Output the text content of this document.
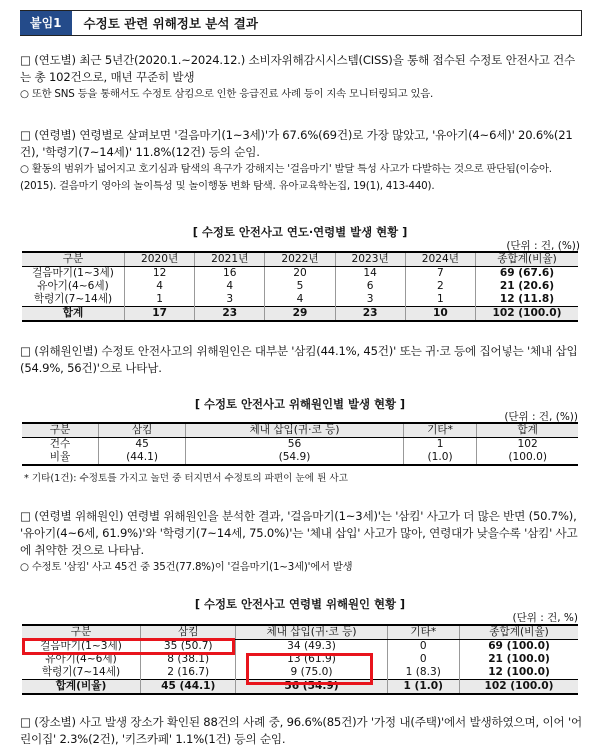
붙임1	수정토 관련 위해정보 분석 결과
□ (연도별) 최근 5년간(2020.1.~2024.12.) 소비자위해감시시스템(CISS)을 통해 접수된 수정토 안전사고 건수는 총 102건으로, 매년 꾸준히 발생
○ 또한 SNS 등을 통해서도 수정토 삼킴으로 인한 응급진료 사례 등이 지속 모니터링되고 있음.
□ (연령별) 연령별로 살펴보면 '걸음마기(1~3세)'가 67.6%(69건)로 가장 많았고, '유아기(4~6세)' 20.6%(21건), '학령기(7~14세)' 11.8%(12건) 등의 순임.
○ 활동의 범위가 넓어지고 호기심과 탐색의 욕구가 강해지는 '걸음마기' 발달 특성 사고가 다발하는 것으로 판단됨(이승아. (2015). 걸음마기 영아의 놀이특성 및 놀이행동 변화 탐색. 유아교육학논집, 19(1), 413-440).
[ 수정토 안전사고 연도·연령별 발생 현황 ]
(단위 : 건, (%))
구분	2020년	2021년	2022년	2023년	2024년	종합계(비율)
걸음마기(1~3세)	12	16	20	14	7	69 (67.6)
유아기(4~6세)	4	4	5	6	2	21 (20.6)
학령기(7~14세)	1	3	4	3	1	12 (11.8)
합계	17	23	29	23	10	102 (100.0)
□ (위해원인별) 수정토 안전사고의 위해원인은 대부분 '삼킴(44.1%, 45건)' 또는 귀·코 등에 집어넣는 '체내 삽입(54.9%, 56건)'으로 나타남.
[ 수정토 안전사고 위해원인별 발생 현황 ]
(단위 : 건, (%))
구분	삼킴	체내 삽입(귀·코 등)	기타*	합계
건수	45	56	1	102
비율	(44.1)	(54.9)	(1.0)	(100.0)
* 기타(1건): 수정토를 가지고 놀던 중 터지면서 수정토의 파편이 눈에 튄 사고
□ (연령별 위해원인) 연령별 위해원인을 분석한 결과, '걸음마기(1~3세)'는 '삼킴' 사고가 더 많은 반면 (50.7%), '유아기(4~6세, 61.9%)'와 '학령기(7~14세, 75.0%)'는 '체내 삽입' 사고가 많아, 연령대가 낮을수록 '삼킴' 사고에 취약한 것으로 나타남.
○ 수정토 '삼킴' 사고 45건 중 35건(77.8%)이 '걸음마기(1~3세)'에서 발생
[ 수정토 안전사고 연령별 위해원인 현황 ]
(단위 : 건, %)
구분	삼킴	체내 삽입(귀·코 등)	기타*	종합계(비율)
걸음마기(1~3세)	35 (50.7)	34 (49.3)	0	69 (100.0)
유아기(4~6세)	8 (38.1)	13 (61.9)	0	21 (100.0)
학령기(7~14세)	2 (16.7)	9 (75.0)	1 (8.3)	12 (100.0)
합계(비율)	45 (44.1)	56 (54.9)	1 (1.0)	102 (100.0)
□ (장소별) 사고 발생 장소가 확인된 88건의 사례 중, 96.6%(85건)가 '가정 내(주택)'에서 발생하였으며, 이어 '어린이집' 2.3%(2건), '키즈카페' 1.1%(1건) 등의 순임.
